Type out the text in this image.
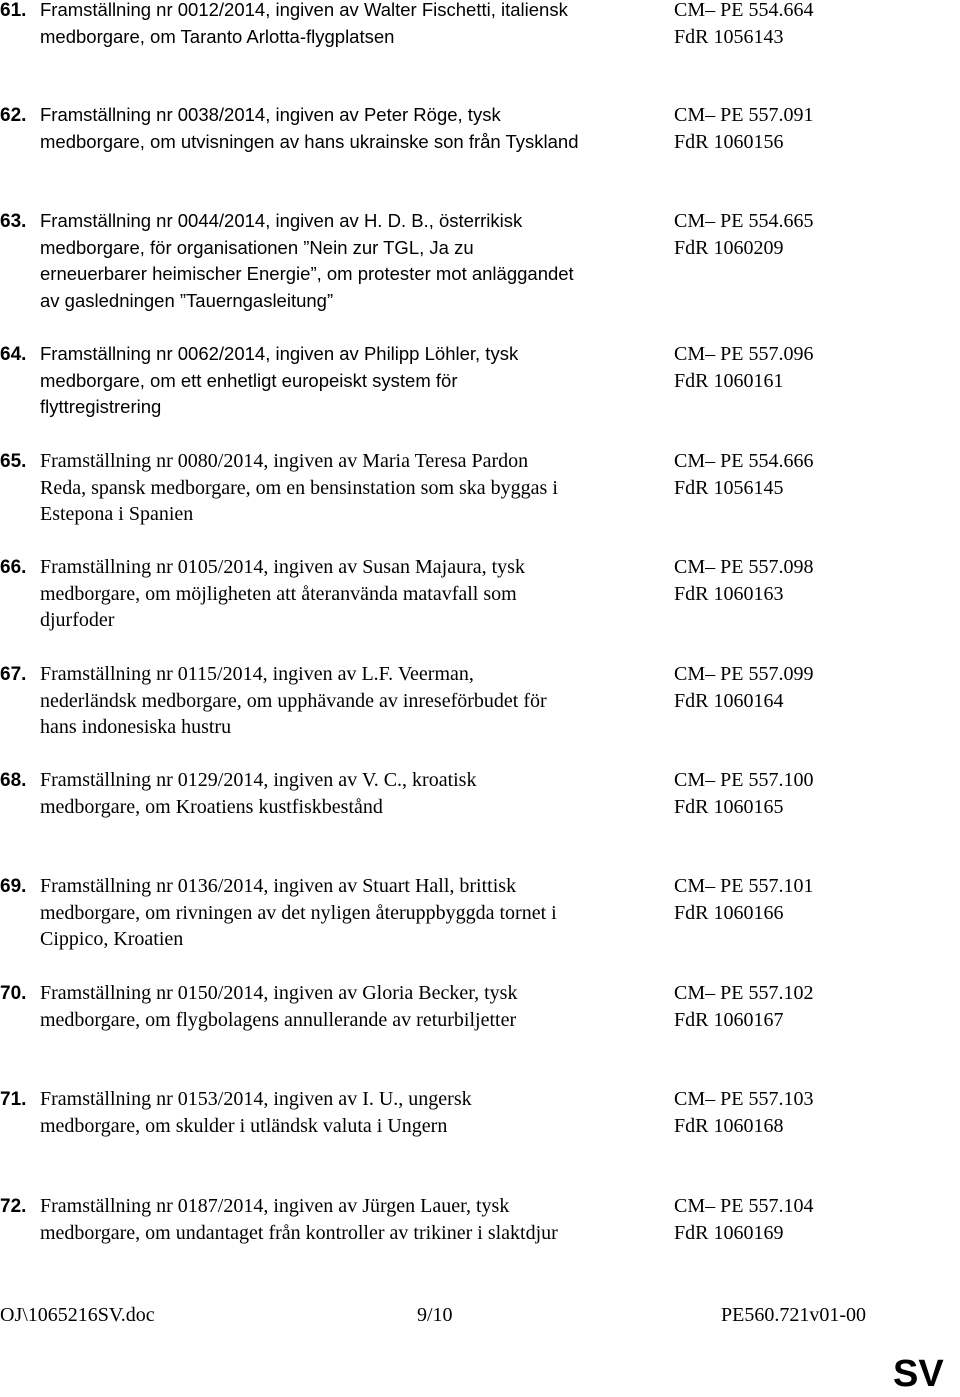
61. Framställning nr 0012/2014, ingiven av Walter Fischetti, italiensk
medborgare, om Taranto Arlotta-flygplatsen
CM– PE 554.664
FdR 1056143
62. Framställning nr 0038/2014, ingiven av Peter Röge, tysk
medborgare, om utvisningen av hans ukrainske son från Tyskland
CM– PE 557.091
FdR 1060156
63. Framställning nr 0044/2014, ingiven av H. D. B., österrikisk
medborgare, för organisationen ”Nein zur TGL, Ja zu
erneuerbarer heimischer Energie”, om protester mot anläggandet
av gasledningen ”Tauerngasleitung”
CM– PE 554.665
FdR 1060209
64. Framställning nr 0062/2014, ingiven av Philipp Löhler, tysk
medborgare, om ett enhetligt europeiskt system för
flyttregistrering
CM– PE 557.096
FdR 1060161
65. Framställning nr 0080/2014, ingiven av Maria Teresa Pardon
Reda, spansk medborgare, om en bensinstation som ska byggas i
Estepona i Spanien
CM– PE 554.666
FdR 1056145
66. Framställning nr 0105/2014, ingiven av Susan Majaura, tysk
medborgare, om möjligheten att återanvända matavfall som
djurfoder
CM– PE 557.098
FdR 1060163
67. Framställning nr 0115/2014, ingiven av L.F. Veerman,
nederländsk medborgare, om upphävande av inreseförbudet för
hans indonesiska hustru
CM– PE 557.099
FdR 1060164
68. Framställning nr 0129/2014, ingiven av V. C., kroatisk
medborgare, om Kroatiens kustfiskbestånd
CM– PE 557.100
FdR 1060165
69. Framställning nr 0136/2014, ingiven av Stuart Hall, brittisk
medborgare, om rivningen av det nyligen återuppbyggda tornet i
Cippico, Kroatien
CM– PE 557.101
FdR 1060166
70. Framställning nr 0150/2014, ingiven av Gloria Becker, tysk
medborgare, om flygbolagens annullerande av returbiljetter
CM– PE 557.102
FdR 1060167
71. Framställning nr 0153/2014, ingiven av I. U., ungersk
medborgare, om skulder i utländsk valuta i Ungern
CM– PE 557.103
FdR 1060168
72. Framställning nr 0187/2014, ingiven av Jürgen Lauer, tysk
medborgare, om undantaget från kontroller av trikiner i slaktdjur
CM– PE 557.104
FdR 1060169
OJ\1065216SV.doc	9/10	PE560.721v01-00
SV
